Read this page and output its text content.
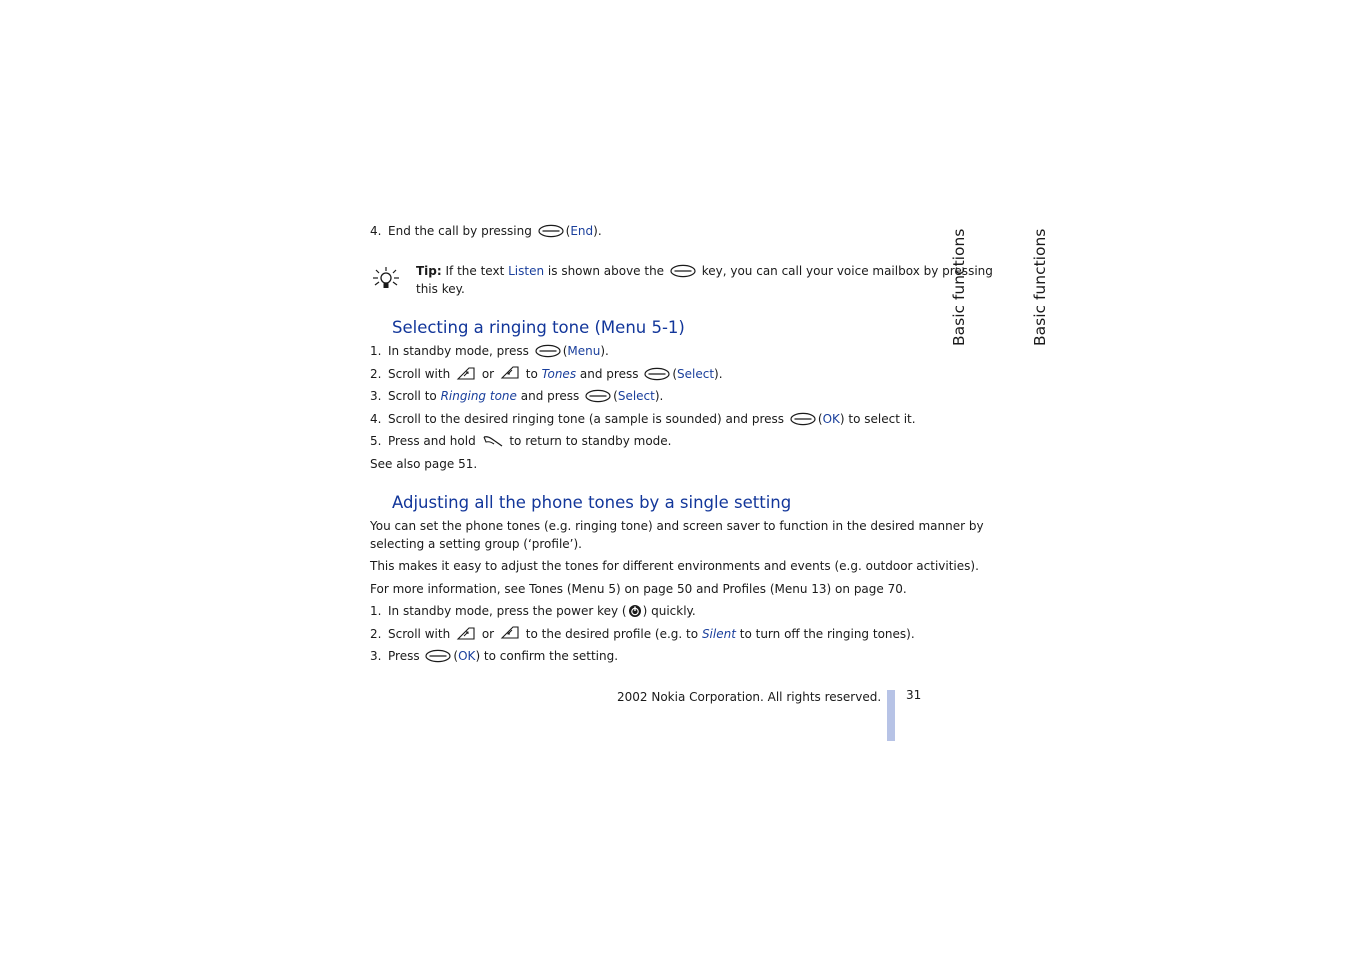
4. End the call by pressing	(End).
Tip: If the text Listen is shown above the	key, you can call your voice mailbox by pressing
this key.
Selecting a ringing tone (Menu 5-1)
1. In standby mode, press	(Menu).
2. Scroll with	or	to Tones and press	(Select).
3. Scroll to Ringing tone and press	(Select).
4. Scroll to the desired ringing tone (a sample is sounded) and press	(OK) to select it.
5. Press and hold	to return to standby mode.
See also page 51.
Adjusting all the phone tones by a single setting
You can set the phone tones (e.g. ringing tone) and screen saver to function in the desired manner by
selecting a setting group (‘profile’).
This makes it easy to adjust the tones for different environments and events (e.g. outdoor activities).
For more information, see Tones (Menu 5) on page 50 and Profiles (Menu 13) on page 70.
1. In standby mode, press the power key ( ) quickly.
2. Scroll with	or	to the desired profile (e.g. to Silent to turn off the ringing tones).
3. Press	(OK) to confirm the setting.
2002 Nokia Corporation. All rights reserved. 31
Basic functions	Basic functions
